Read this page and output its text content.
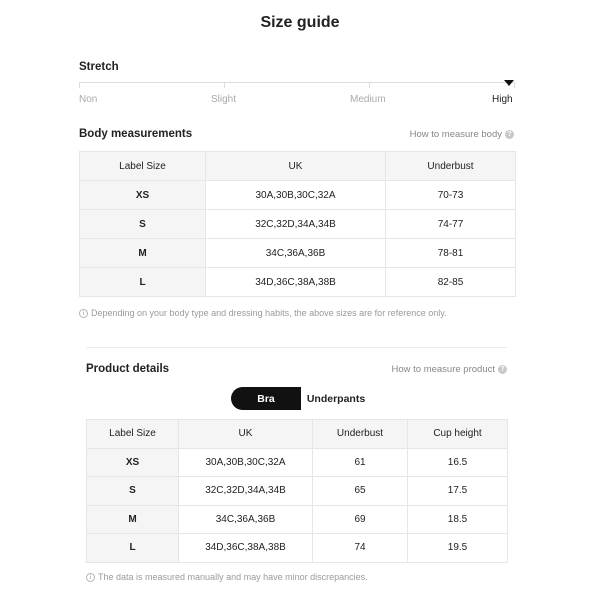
Size guide
Stretch
Non	Slight	Medium	High
Body measurements	How to measure body ?
Label Size	UK	Underbust
XS	30A,30B,30C,32A	70-73
S	32C,32D,34A,34B	74-77
M	34C,36A,36B	78-81
L	34D,36C,38A,38B	82-85
i Depending on your body type and dressing habits, the above sizes are for reference only.
Product details	How to measure product ?
Bra	Underpants
Label Size	UK	Underbust	Cup height
XS	30A,30B,30C,32A	61	16.5
S	32C,32D,34A,34B	65	17.5
M	34C,36A,36B	69	18.5
L	34D,36C,38A,38B	74	19.5
i The data is measured manually and may have minor discrepancies.
